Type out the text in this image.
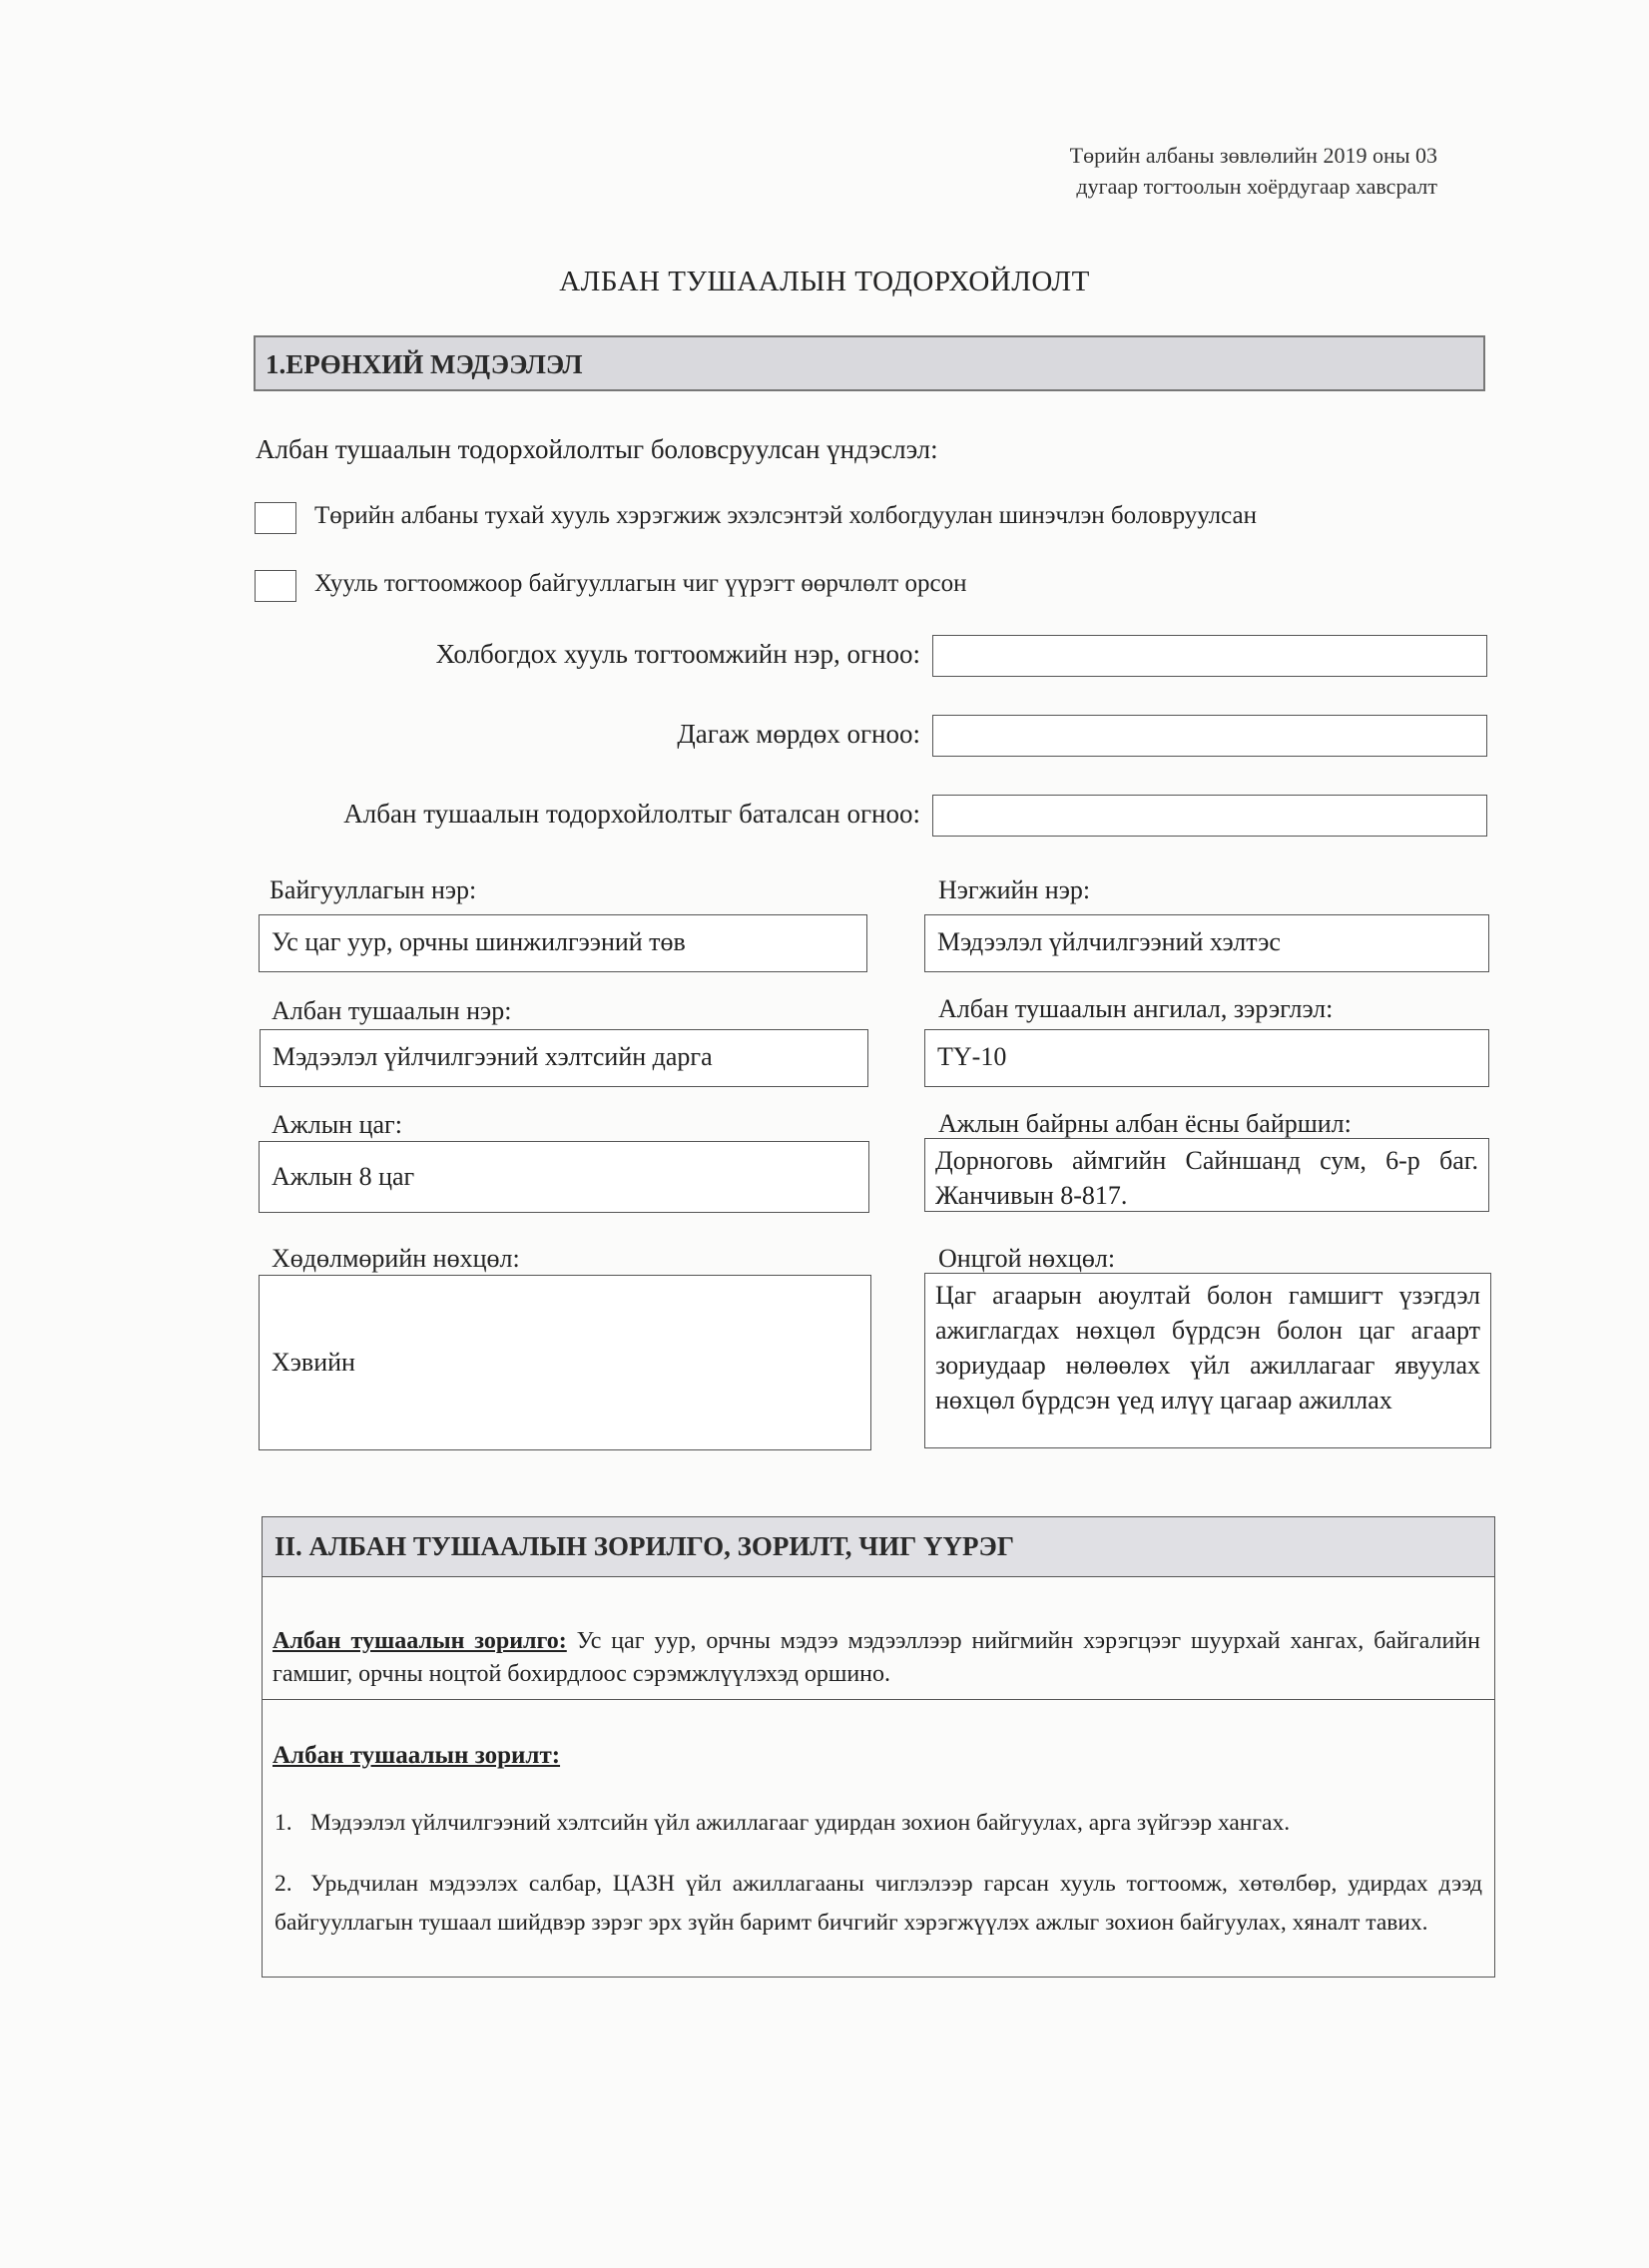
Төрийн албаны зөвлөлийн 2019 оны 03
дугаар тогтоолын хоёрдугаар хавсралт
АЛБАН ТУШААЛЫН ТОДОРХОЙЛОЛТ
1.ЕРӨНХИЙ МЭДЭЭЛЭЛ
Албан тушаалын тодорхойлолтыг боловсруулсан үндэслэл:
Төрийн албаны тухай хууль хэрэгжиж эхэлсэнтэй холбогдуулан шинэчлэн боловруулсан
Хууль тогтоомжоор байгууллагын чиг үүрэгт өөрчлөлт орсон
Холбогдох хууль тогтоомжийн нэр, огноо:
Дагаж мөрдөх огноо:
Албан тушаалын тодорхойлолтыг баталсан огноо:
Байгууллагын нэр:
Ус цаг уур, орчны шинжилгээний төв
Нэгжийн нэр:
Мэдээлэл үйлчилгээний хэлтэс
Албан тушаалын нэр:
Мэдээлэл үйлчилгээний хэлтсийн дарга
Албан тушаалын ангилал, зэрэглэл:
ТҮ-10
Ажлын цаг:
Ажлын 8 цаг
Ажлын байрны албан ёсны байршил:
Дорноговь аймгийн Сайншанд сум, 6-р баг. Жанчивын 8-817.
Хөдөлмөрийн нөхцөл:
Хэвийн
Онцгой нөхцөл:
Цаг агаарын аюултай болон гамшигт үзэгдэл ажиглагдах нөхцөл бүрдсэн болон цаг агаарт зориудаар нөлөөлөх үйл ажиллагааг явуулах нөхцөл бүрдсэн үед илүү цагаар ажиллах
II. АЛБАН ТУШААЛЫН ЗОРИЛГО, ЗОРИЛТ, ЧИГ ҮҮРЭГ
Албан тушаалын зорилго: Ус цаг уур, орчны мэдээ мэдээллээр нийгмийн хэрэгцээг шуурхай хангах, байгалийн гамшиг, орчны ноцтой бохирдлоос сэрэмжлүүлэхэд оршино.
Албан тушаалын зорилт:
1. Мэдээлэл үйлчилгээний хэлтсийн үйл ажиллагааг удирдан зохион байгуулах, арга зүйгээр хангах.
2. Урьдчилан мэдээлэх салбар, ЦАЗН үйл ажиллагааны чиглэлээр гарсан хууль тогтоомж, хөтөлбөр, удирдах дээд байгууллагын тушаал шийдвэр зэрэг эрх зүйн баримт бичгийг хэрэгжүүлэх ажлыг зохион байгуулах, хяналт тавих.
